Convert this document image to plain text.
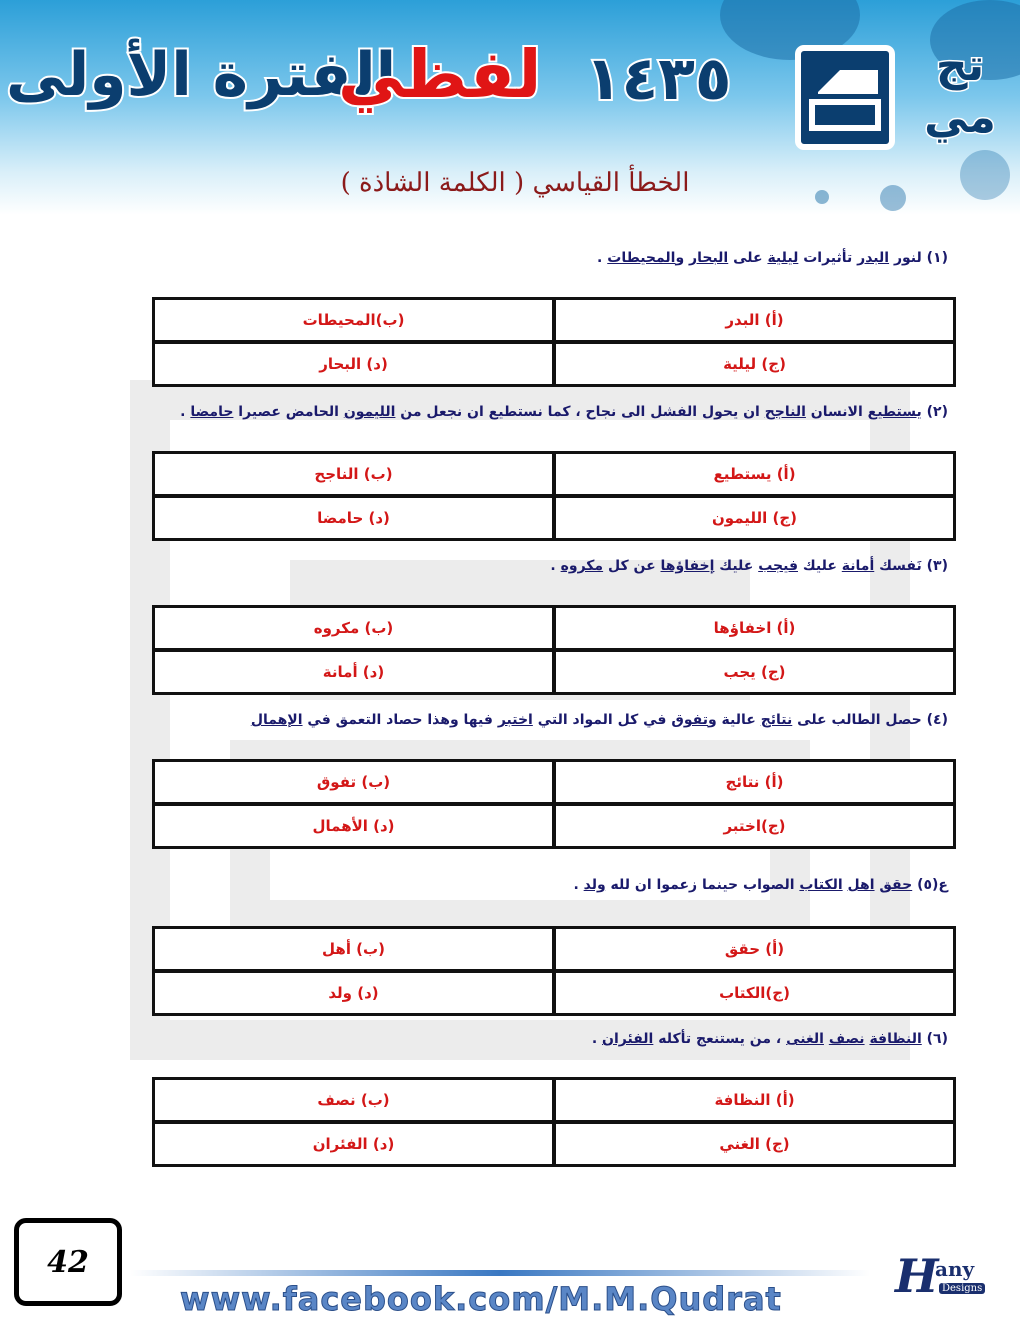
الفترة الأولى
لفظي ١٤٣٥	تج مي
الخطأ القياسي ( الكلمة الشاذة )
(١) لنور البدر تأثيرات ليلية على البحار والمحيطات .
(أ) البدر
(ب)المحيطات
(ج) ليلية
(د) البحار
(٢) يستطيع الانسان الناجح ان يحول الفشل الى نجاح ، كما نستطيع ان نجعل من الليمون الحامض عصيرا حامضا .
(أ) يستطيع
(ب) الناجح
(ج) الليمون
(د) حامضا
(٣) نَفسك أمانة عليك فيجب عليك إخفاؤها عن كل مكروه .
(أ) اخفاؤها
(ب) مكروه
(ج) يجب
(د) أمانة
(٤) حصل الطالب على نتائج عالية وتفوق في كل المواد التي اختبر فيها وهذا حصاد التعمق في الإهمال
(أ) نتائج
(ب) تفوق
(ج)اختبر
(د) الأهمال
ع(٥) حقق اهل الكتاب الصواب حينما زعموا ان لله ولد .
(أ) حقق
(ب) أهل
(ج)الكتاب
(د) ولد
(٦) النظافة نصف الغنى ، من يستنعج تأكله الفئران .
(أ) النظافة
(ب) نصف
(ج) الغني
(د) الفئران
42
www.facebook.com/M.M.Qudrat H
any
Designs
